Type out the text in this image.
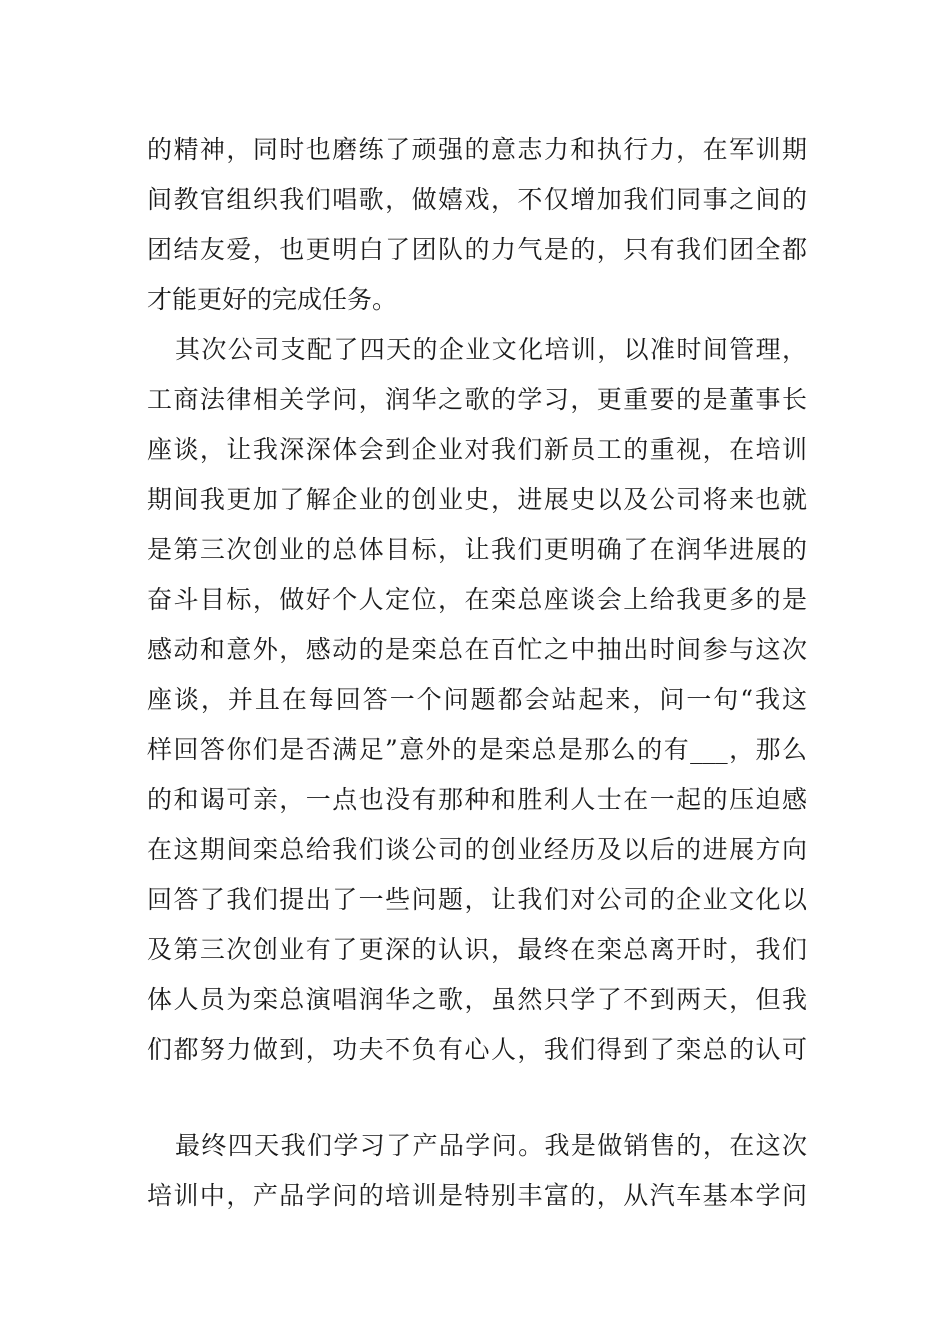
的精神，同时也磨练了顽强的意志力和执行力，在军训期
间教官组织我们唱歌，做嬉戏，不仅增加我们同事之间的
团结友爱，也更明白了团队的力气是的，只有我们团全都
才能更好的完成任务。
其次公司支配了四天的企业文化培训，以准时间管理，
工商法律相关学问，润华之歌的学习，更重要的是董事长
座谈，让我深深体会到企业对我们新员工的重视，在培训
期间我更加了解企业的创业史，进展史以及公司将来也就
是第三次创业的总体目标，让我们更明确了在润华进展的
奋斗目标，做好个人定位，在栾总座谈会上给我更多的是
感动和意外，感动的是栾总在百忙之中抽出时间参与这次
座谈，并且在每回答一个问题都会站起来，问一句“我这
样回答你们是否满足”意外的是栾总是那么的有___，那么
的和谒可亲，一点也没有那种和胜利人士在一起的压迫感
在这期间栾总给我们谈公司的创业经历及以后的进展方向
回答了我们提出了一些问题，让我们对公司的企业文化以
及第三次创业有了更深的认识，最终在栾总离开时，我们
体人员为栾总演唱润华之歌，虽然只学了不到两天，但我
们都努力做到，功夫不负有心人，我们得到了栾总的认可
最终四天我们学习了产品学问。我是做销售的，在这次
培训中，产品学问的培训是特别丰富的，从汽车基本学问
